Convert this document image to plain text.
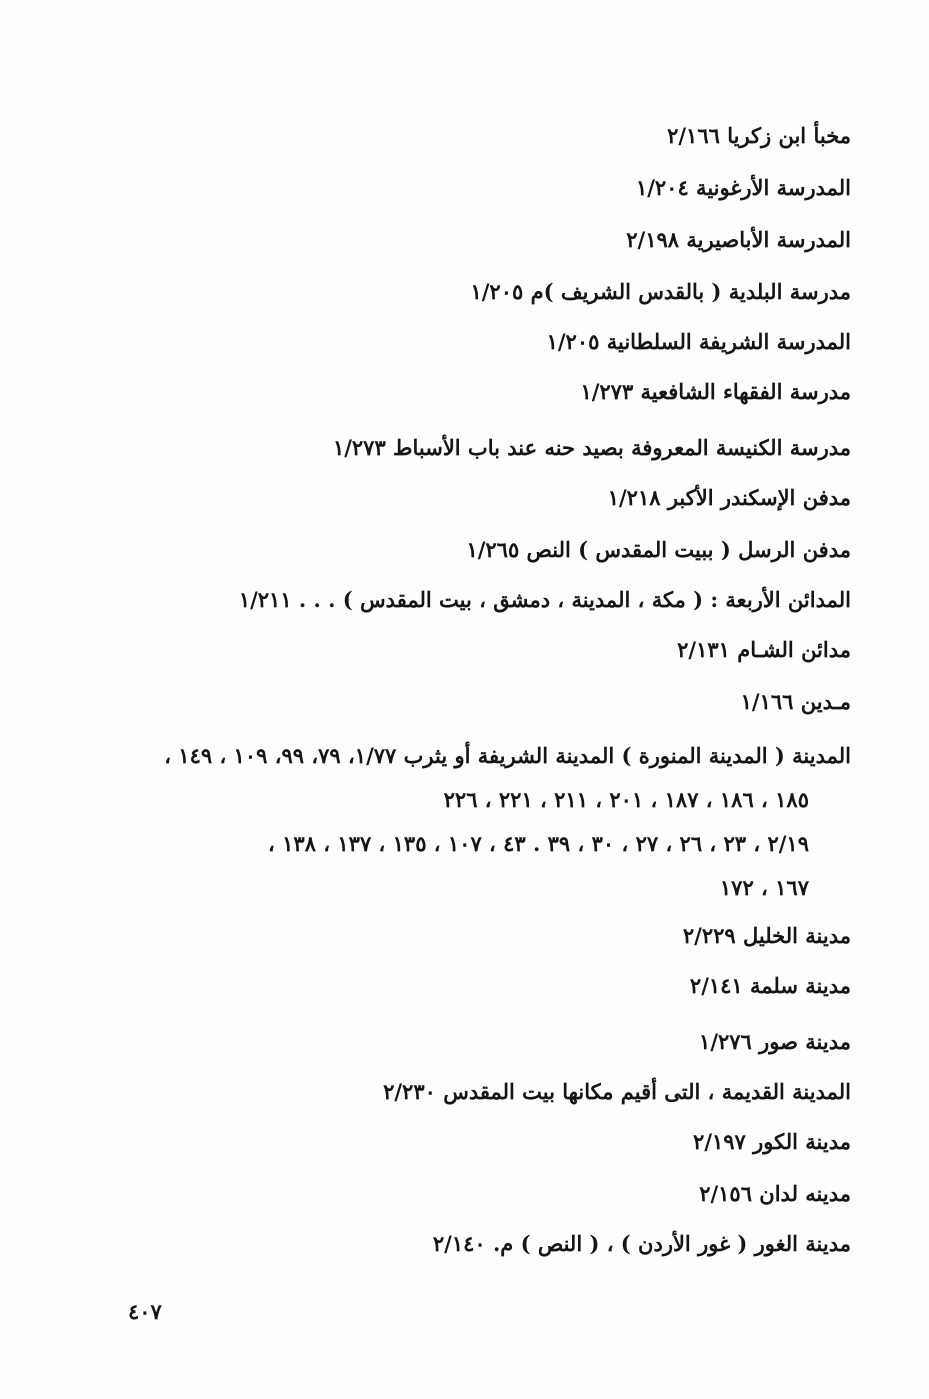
مخبأ ابن زكريا ٢/١٦٦
المدرسة الأرغونية ١/٢٠٤
المدرسة الأباصيرية ٢/١٩٨
مدرسة البلدية ( بالقدس الشريف )م ١/٢٠٥
المدرسة الشريفة السلطانية ١/٢٠٥
مدرسة الفقهاء الشافعية ١/٢٧٣
مدرسة الكنيسة المعروفة بصيد حنه عند باب الأسباط ١/٢٧٣
مدفن الإسكندر الأكبر ١/٢١٨
مدفن الرسل ( ببيت المقدس ) النص ١/٢٦٥
المدائن الأربعة : ( مكة ، المدينة ، دمشق ، بيت المقدس ) . . . ١/٢١١
مدائن الشـام ٢/١٣١
مـدين ١/١٦٦
المدينة ( المدينة المنورة ) المدينة الشريفة أو يثرب ١/٧٧، ٧٩، ٩٩، ١٠٩ ، ١٤٩ ،
١٨٥ ، ١٨٦ ، ١٨٧ ، ٢٠١ ، ٢١١ ، ٢٢١ ، ٢٢٦
٢/١٩ ، ٢٣ ، ٢٦ ، ٢٧ ، ٣٠ ، ٣٩ . ٤٣ ، ١٠٧ ، ١٣٥ ، ١٣٧ ، ١٣٨ ،
١٦٧ ، ١٧٢
مدينة الخليل ٢/٢٢٩
مدينة سلمة ٢/١٤١
مدينة صور ١/٢٧٦
المدينة القديمة ، التى أقيم مكانها بيت المقدس ٢/٢٣٠
مدينة الكور ٢/١٩٧
مدينه لدان ٢/١٥٦
مدينة الغور ( غور الأردن ) ، ( النص ) م. ٢/١٤٠
٤٠٧
